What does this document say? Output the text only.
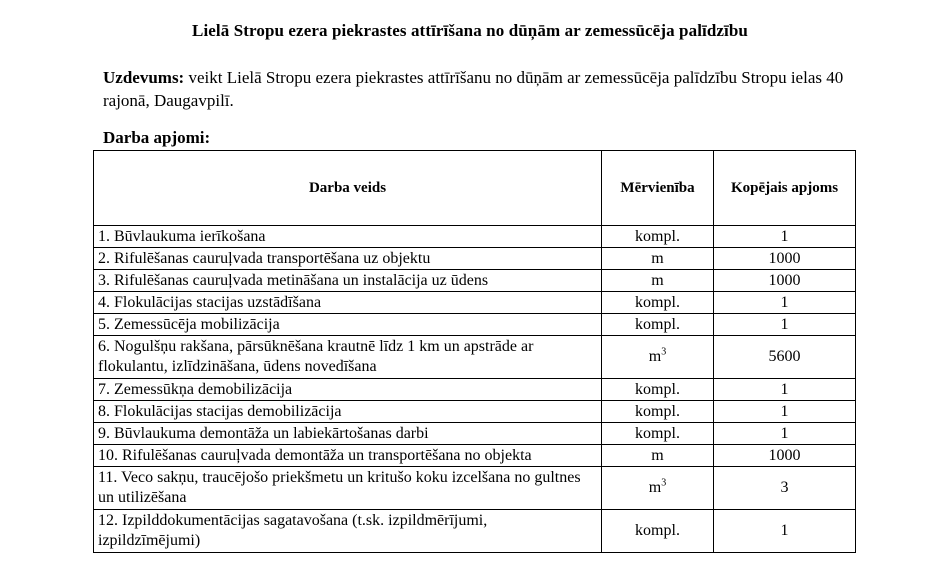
Lielā Stropu ezera piekrastes attīrīšana no dūņām ar zemessūcēja palīdzību
Uzdevums: veikt Lielā Stropu ezera piekrastes attīrīšanu no dūņām ar zemessūcēja palīdzību Stropu ielas 40 rajonā, Daugavpilī.
Darba apjomi:
Darba veids	Mērvienība	Kopējais apjoms
1. Būvlaukuma ierīkošana	kompl.	1
2. Rifulēšanas cauruļvada transportēšana uz objektu	m	1000
3. Rifulēšanas cauruļvada metināšana un instalācija uz ūdens	m	1000
4. Flokulācijas stacijas uzstādīšana	kompl.	1
5. Zemessūcēja mobilizācija	kompl.	1
6. Nogulšņu rakšana, pārsūknēšana krautnē līdz 1 km un apstrāde ar flokulantu, izlīdzināšana, ūdens novedīšana	$m^3$	5600
7. Zemessūkņa demobilizācija	kompl.	1
8. Flokulācijas stacijas demobilizācija	kompl.	1
9. Būvlaukuma demontāža un labiekārtošanas darbi	kompl.	1
10. Rifulēšanas cauruļvada demontāža un transportēšana no objekta	m	1000
11. Veco sakņu, traucējošo priekšmetu un kritušo koku izcelšana no gultnes un utilizēšana	$m^3$	3

12. Izpilddokumentācijas sagatavošana (t.sk. izpildmērījumi,
izpildzīmējumi)	kompl.	1
